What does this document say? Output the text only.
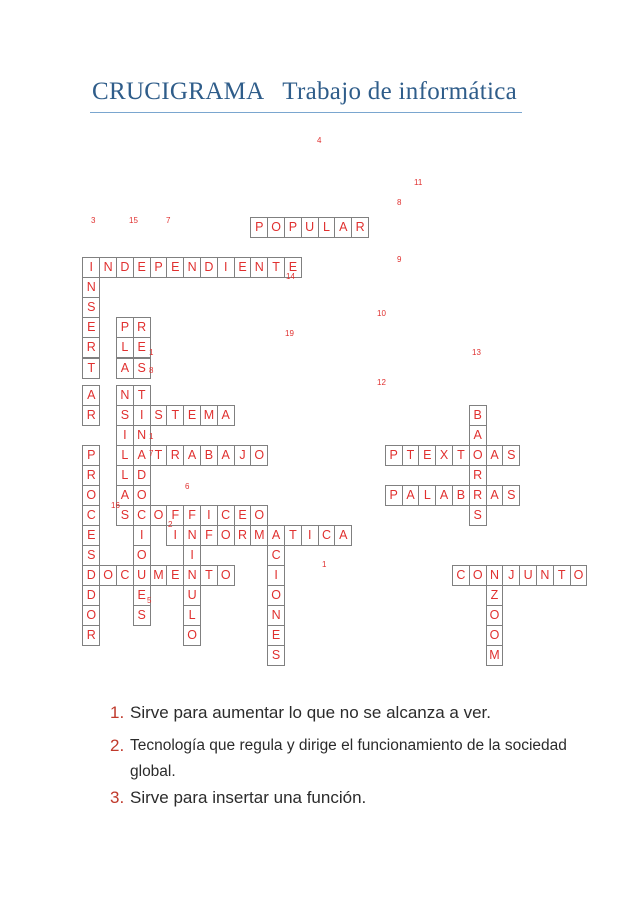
CRUCIGRAMA   Trabajo de informática
I N D E P E N D I E N T E
T E X T O
P A L A B R A S
C O N J U N T O
T R A B A J O	P	A S
O F F I C E O
S I S T E M A
I N F O R M A T I C A
D O C U M E N T O
P O P U L A R
P
R
O
C
E
S
D
O
R
P
L
A
N
I
L
L
A
S
N
S
E
R
T
A
R
R
E
S
T
N
A
D
O
C
I
O
E
S
C
I
O
N
E
S
B
A
R
S
I
U
L
O
Z
O
O
M
4
11
8
3	15	7
9
14
10
19
13
1
8
12
1
7
6
16
2
1
5
1. Sirve para aumentar lo que no se alcanza a ver.
2. Tecnología que regula y dirige el funcionamiento de la sociedad global.
3. Sirve para insertar una función.
